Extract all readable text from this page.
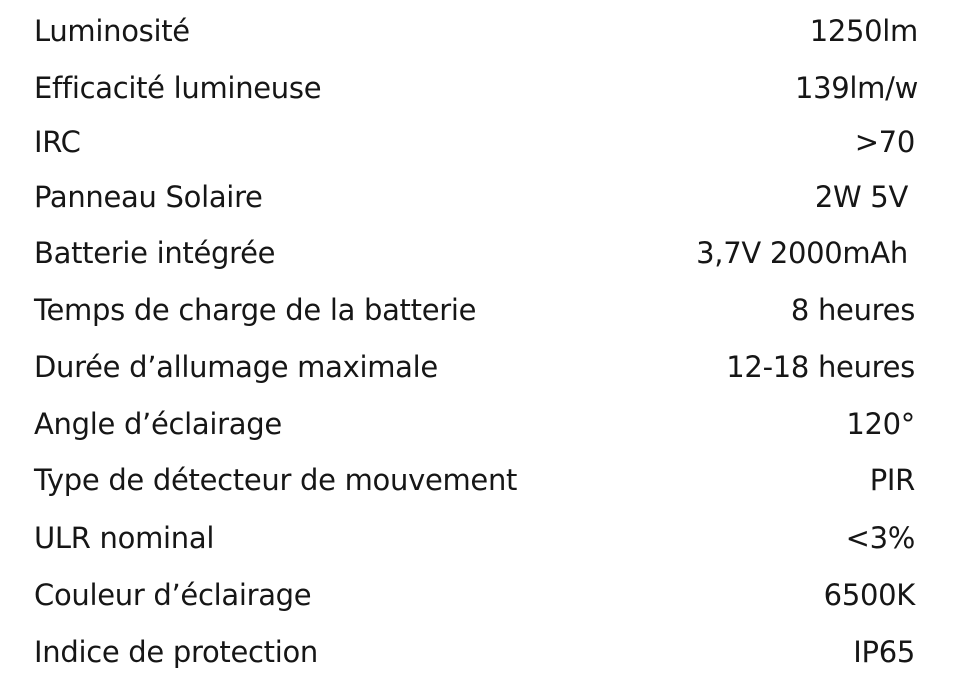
Luminosité	1250lm
Efficacité lumineuse	139lm/w
IRC	>70
Panneau Solaire	2W 5V
Batterie intégrée	3,7V 2000mAh
Temps de charge de la batterie	8 heures
Durée d’allumage maximale	12-18 heures
Angle d’éclairage	120°
Type de détecteur de mouvement	PIR
ULR nominal	<3%
Couleur d’éclairage	6500K
Indice de protection	IP65
